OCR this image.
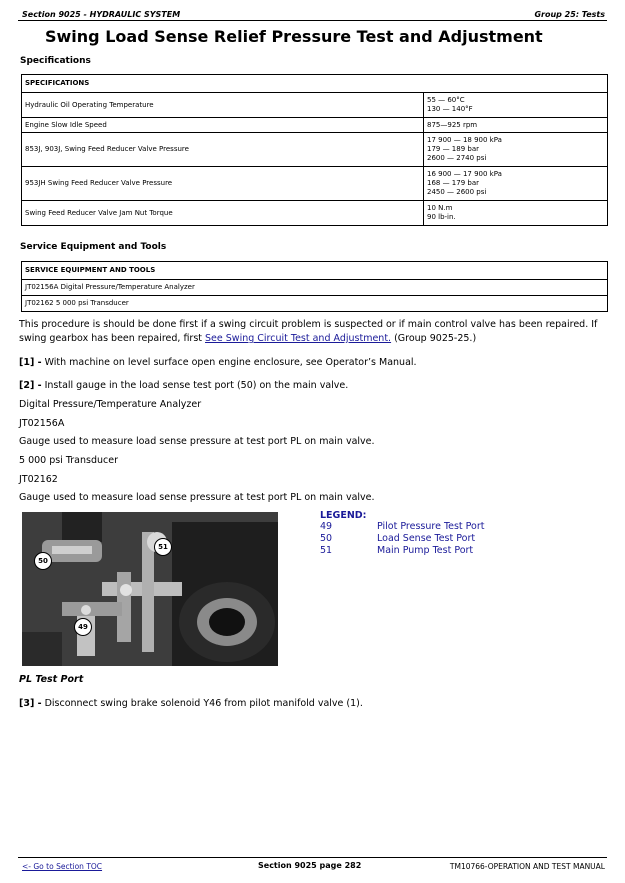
Section 9025 - HYDRAULIC SYSTEM	Group 25: Tests
Swing Load Sense Relief Pressure Test and Adjustment
Specifications
SPECIFICATIONS	
Hydraulic Oil Operating Temperature	55 — 60°C
130 — 140°F

Engine Slow Idle Speed	875—925 rpm

853J, 903J, Swing Feed Reducer Valve Pressure	17 900 — 18 900 kPa
179 — 189 bar
2600 — 2740 psi

953JH Swing Feed Reducer Valve Pressure	16 900 — 17 900 kPa
168 — 179 bar
2450 — 2600 psi

Swing Feed Reducer Valve Jam Nut Torque	10 N.m
90 lb-in.
Service Equipment and Tools
SERVICE EQUIPMENT AND TOOLS
JT02156A Digital Pressure/Temperature Analyzer
JT02162 5 000 psi Transducer
This procedure is should be done first if a swing circuit problem is suspected or if main control valve has been repaired. If swing gearbox has been repaired, first See Swing Circuit Test and Adjustment. (Group 9025-25.)
[1] - With machine on level surface open engine enclosure, see Operator’s Manual.
[2] - Install gauge in the load sense test port (50) on the main valve.
Digital Pressure/Temperature Analyzer
JT02156A
Gauge used to measure load sense pressure at test port PL on main valve.
5 000 psi Transducer
JT02162
Gauge used to measure load sense pressure at test port PL on main valve.
50
51
49
LEGEND:
49	Pilot Pressure Test Port
50	Load Sense Test Port
51	Main Pump Test Port
PL Test Port
[3] - Disconnect swing brake solenoid Y46 from pilot manifold valve (1).
<- Go to Section TOC	Section 9025 page 282	TM10766-OPERATION AND TEST MANUAL
